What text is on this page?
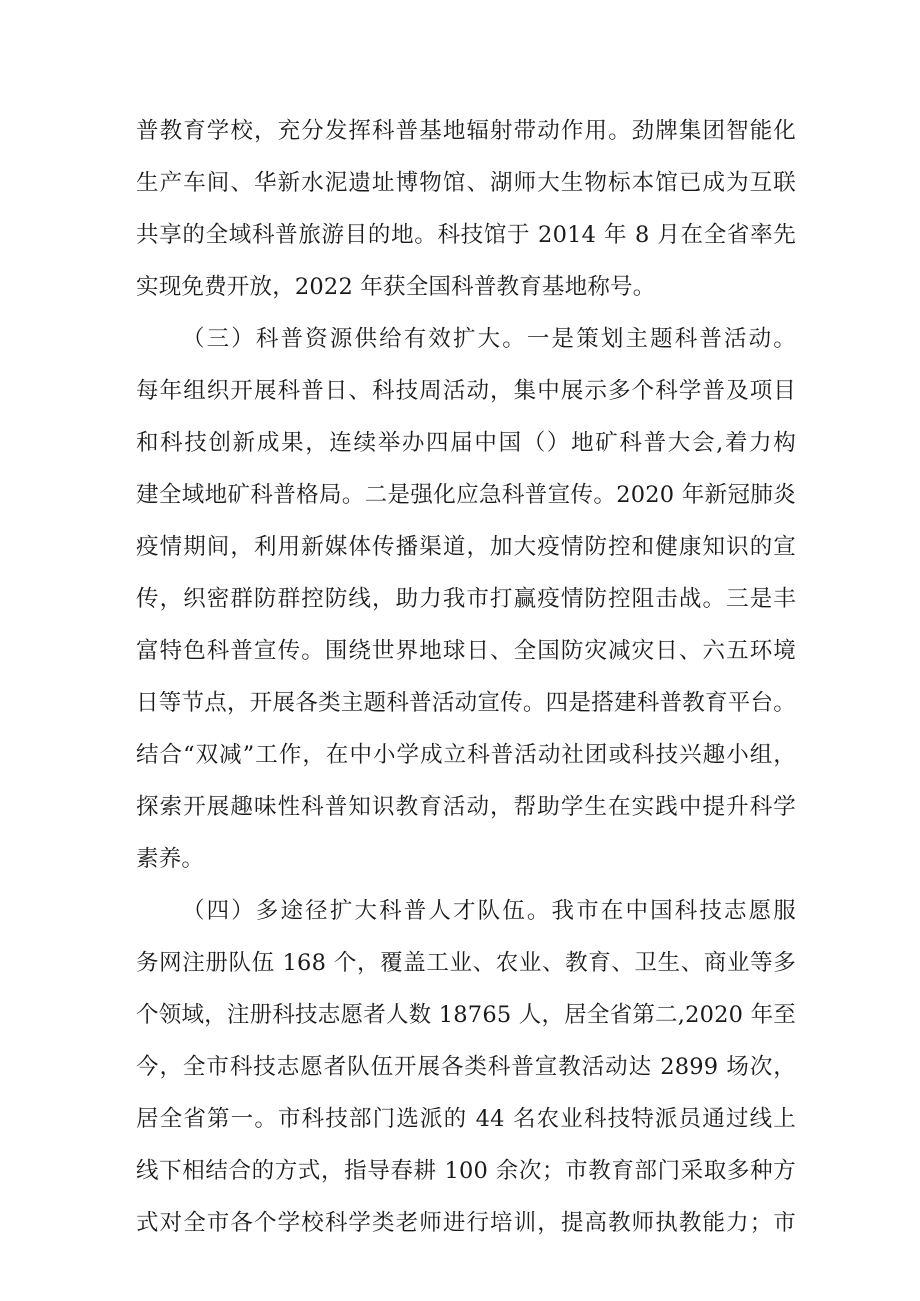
普教育学校，充分发挥科普基地辐射带动作用。劲牌集团智能化
生产车间、华新水泥遗址博物馆、湖师大生物标本馆已成为互联
共享的全域科普旅游目的地。科技馆于 2014 年 8 月在全省率先
实现免费开放，2022 年获全国科普教育基地称号。
（三）科普资源供给有效扩大。一是策划主题科普活动。
每年组织开展科普日、科技周活动，集中展示多个科学普及项目
和科技创新成果，连续举办四届中国（）地矿科普大会,着力构
建全域地矿科普格局。二是强化应急科普宣传。2020 年新冠肺炎
疫情期间，利用新媒体传播渠道，加大疫情防控和健康知识的宣
传，织密群防群控防线，助力我市打赢疫情防控阻击战。三是丰
富特色科普宣传。围绕世界地球日、全国防灾减灾日、六五环境
日等节点，开展各类主题科普活动宣传。四是搭建科普教育平台。
结合“双减”工作，在中小学成立科普活动社团或科技兴趣小组，
探索开展趣味性科普知识教育活动，帮助学生在实践中提升科学
素养。
（四）多途径扩大科普人才队伍。我市在中国科技志愿服
务网注册队伍 168 个，覆盖工业、农业、教育、卫生、商业等多
个领域，注册科技志愿者人数 18765 人，居全省第二,2020 年至
今，全市科技志愿者队伍开展各类科普宣教活动达 2899 场次，
居全省第一。市科技部门选派的 44 名农业科技特派员通过线上
线下相结合的方式，指导春耕 100 余次；市教育部门采取多种方
式对全市各个学校科学类老师进行培训，提高教师执教能力；市
